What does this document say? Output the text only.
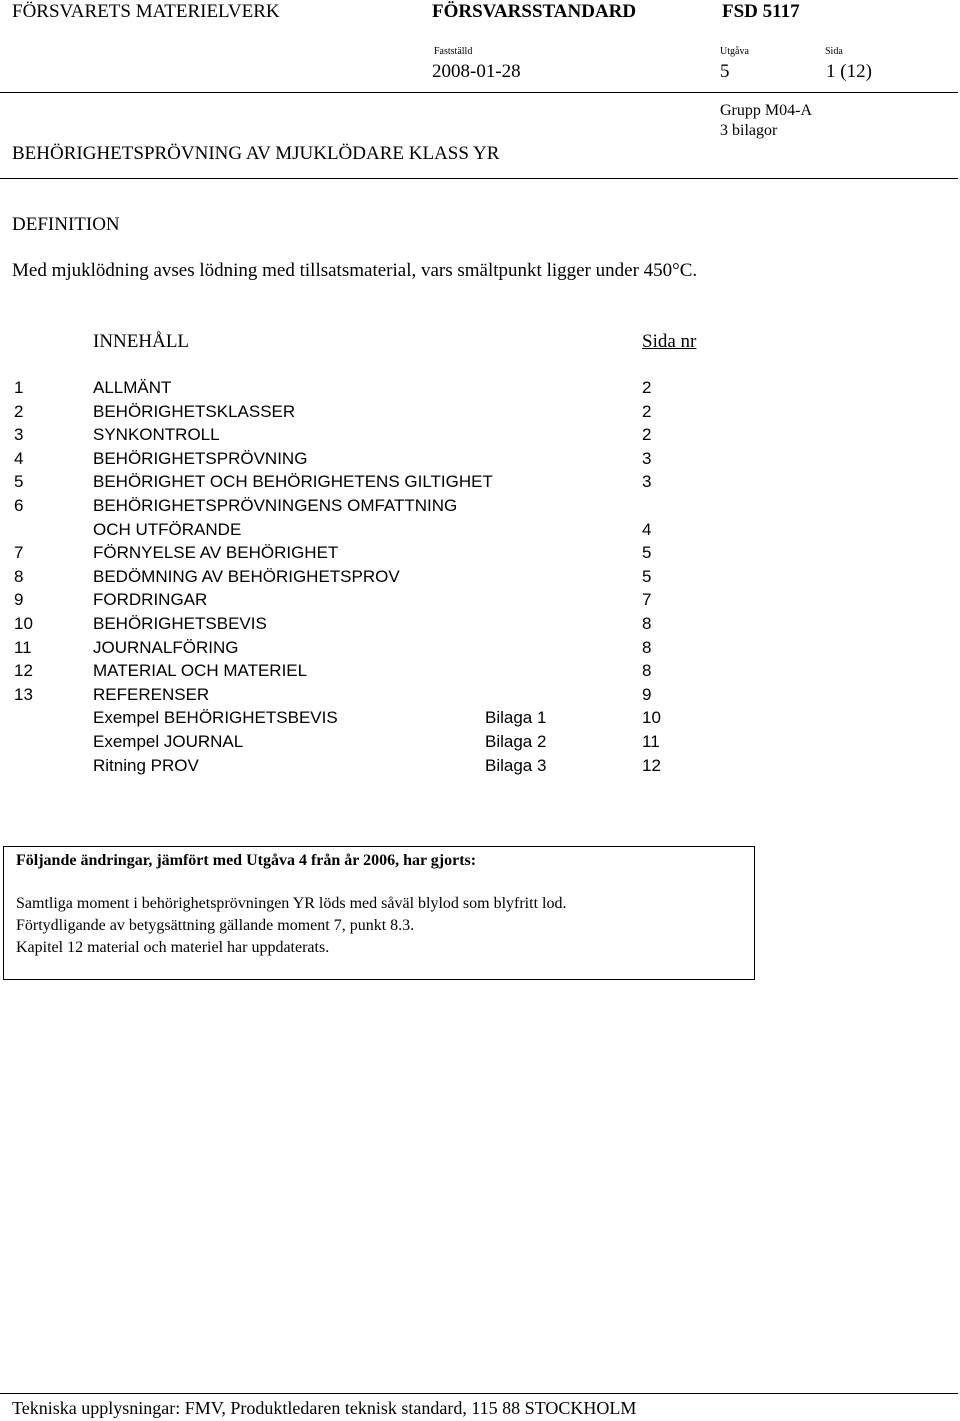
FÖRSVARETS MATERIELVERK	FÖRSVARSSTANDARD	FSD 5117
Fastställd	Utgåva	Sida
2008-01-28	5	1 (12)
Grupp M04-A
3 bilagor
BEHÖRIGHETSPRÖVNING AV MJUKLÖDARE KLASS YR
DEFINITION
Med mjuklödning avses lödning med tillsatsmaterial, vars smältpunkt ligger under 450°C.
INNEHÅLL	Sida nr
1	ALLMÄNT	2
2	BEHÖRIGHETSKLASSER	2
3	SYNKONTROLL	2
4	BEHÖRIGHETSPRÖVNING	3
5	BEHÖRIGHET OCH BEHÖRIGHETENS GILTIGHET	3
6	BEHÖRIGHETSPRÖVNINGENS OMFATTNING
OCH UTFÖRANDE	4
7	FÖRNYELSE AV BEHÖRIGHET	5
8	BEDÖMNING AV BEHÖRIGHETSPROV	5
9	FORDRINGAR	7
10	BEHÖRIGHETSBEVIS	8
11	JOURNALFÖRING	8
12	MATERIAL OCH MATERIEL	8
13	REFERENSER	9
Exempel BEHÖRIGHETSBEVIS	Bilaga 1	10
Exempel JOURNAL	Bilaga 2	11
Ritning PROV	Bilaga 3	12
Följande ändringar, jämfört med Utgåva 4 från år 2006, har gjorts:
Samtliga moment i behörighetsprövningen YR löds med såväl blylod som blyfritt lod.
Förtydligande av betygsättning gällande moment 7, punkt 8.3.
Kapitel 12 material och materiel har uppdaterats.
Tekniska upplysningar: FMV, Produktledaren teknisk standard, 115 88 STOCKHOLM
